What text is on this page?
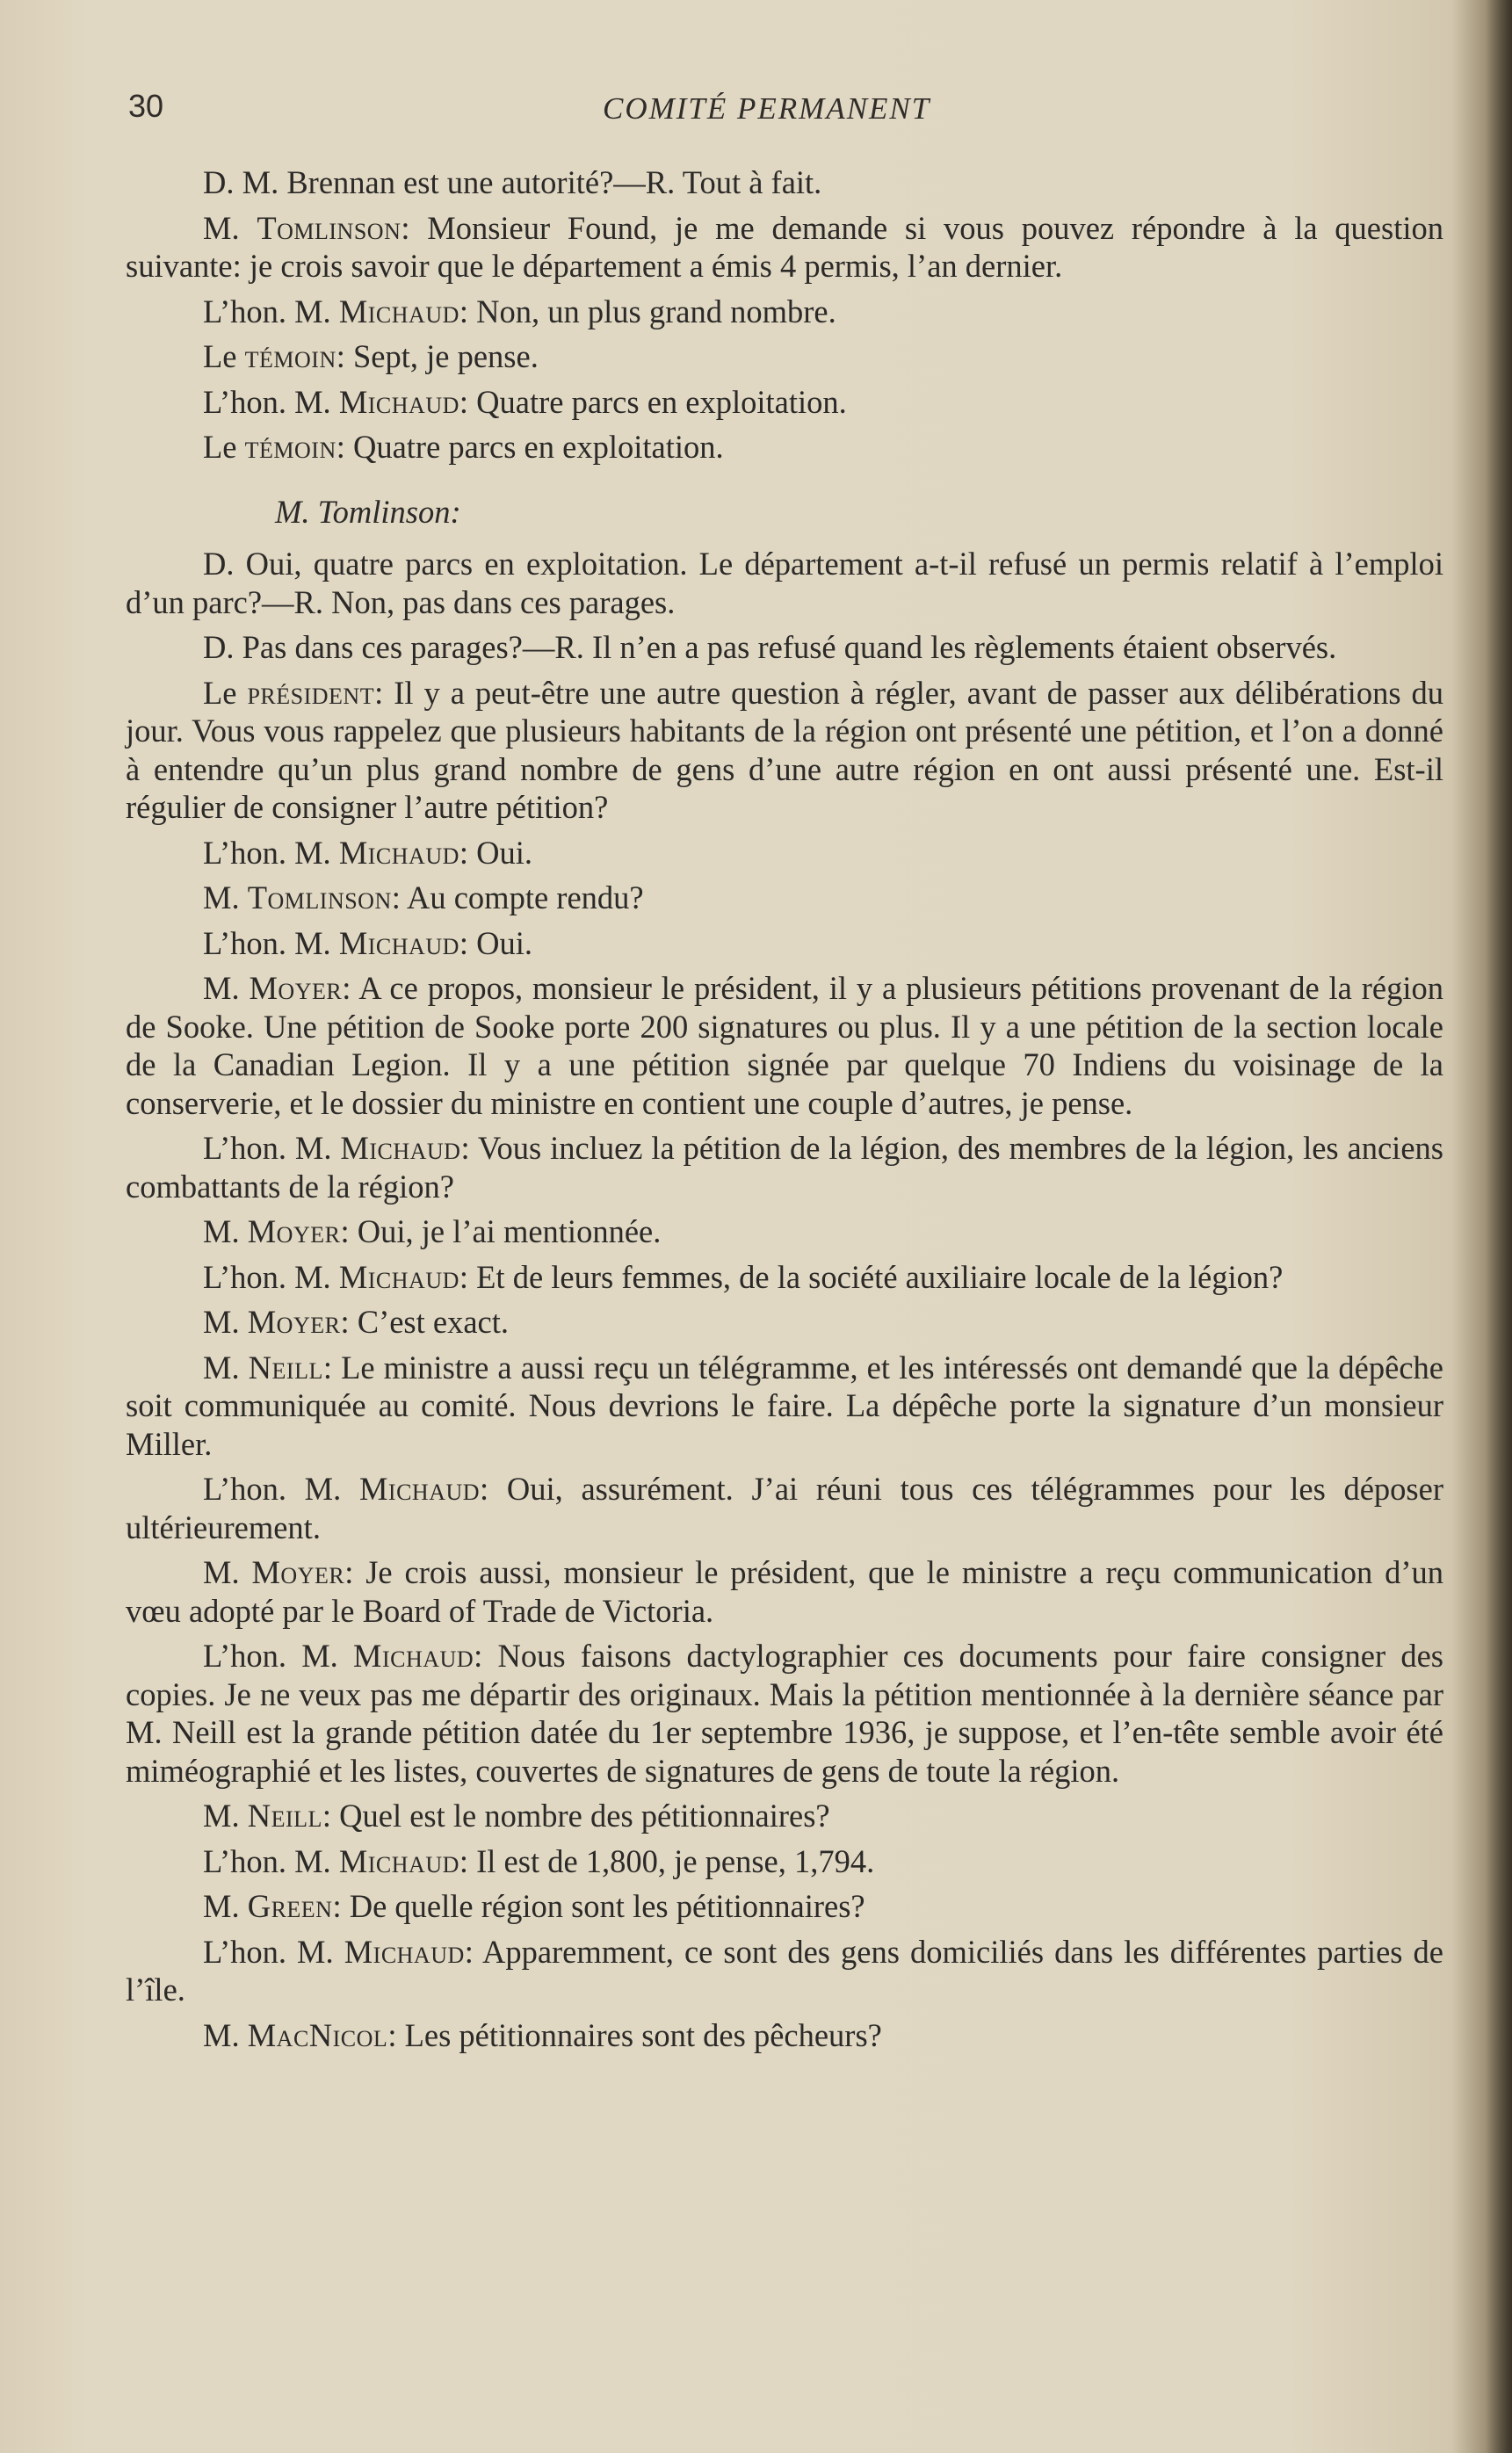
30	COMITÉ PERMANENT

D. M. Brennan est une autorité?—R. Tout à fait.

M. Tomlinson: Monsieur Found, je me demande si vous pouvez répondre à la question suivante: je crois savoir que le département a émis 4 permis, l’an dernier.

L’hon. M. Michaud: Non, un plus grand nombre.

Le témoin: Sept, je pense.

L’hon. M. Michaud: Quatre parcs en exploitation.

Le témoin: Quatre parcs en exploitation.

M. Tomlinson:

D. Oui, quatre parcs en exploitation. Le département a-t-il refusé un permis relatif à l’emploi d’un parc?—R. Non, pas dans ces parages.

D. Pas dans ces parages?—R. Il n’en a pas refusé quand les règlements étaient observés.

Le président: Il y a peut-être une autre question à régler, avant de passer aux délibérations du jour. Vous vous rappelez que plusieurs habitants de la région ont présenté une pétition, et l’on a donné à entendre qu’un plus grand nombre de gens d’une autre région en ont aussi présenté une. Est-il régulier de consigner l’autre pétition?

L’hon. M. Michaud: Oui.

M. Tomlinson: Au compte rendu?

L’hon. M. Michaud: Oui.

M. Moyer: A ce propos, monsieur le président, il y a plusieurs pétitions provenant de la région de Sooke. Une pétition de Sooke porte 200 signatures ou plus. Il y a une pétition de la section locale de la Canadian Legion. Il y a une pétition signée par quelque 70 Indiens du voisinage de la conserverie, et le dossier du ministre en contient une couple d’autres, je pense.

L’hon. M. Michaud: Vous incluez la pétition de la légion, des membres de la légion, les anciens combattants de la région?

M. Moyer: Oui, je l’ai mentionnée.

L’hon. M. Michaud: Et de leurs femmes, de la société auxiliaire locale de la légion?

M. Moyer: C’est exact.

M. Neill: Le ministre a aussi reçu un télégramme, et les intéressés ont demandé que la dépêche soit communiquée au comité. Nous devrions le faire. La dépêche porte la signature d’un monsieur Miller.

L’hon. M. Michaud: Oui, assurément. J’ai réuni tous ces télégrammes pour les déposer ultérieurement.

M. Moyer: Je crois aussi, monsieur le président, que le ministre a reçu communication d’un vœu adopté par le Board of Trade de Victoria.

L’hon. M. Michaud: Nous faisons dactylographier ces documents pour faire consigner des copies. Je ne veux pas me départir des originaux. Mais la pétition mentionnée à la dernière séance par M. Neill est la grande pétition datée du 1er septembre 1936, je suppose, et l’en-tête semble avoir été miméographié et les listes, couvertes de signatures de gens de toute la région.

M. Neill: Quel est le nombre des pétitionnaires?

L’hon. M. Michaud: Il est de 1,800, je pense, 1,794.

M. Green: De quelle région sont les pétitionnaires?

L’hon. M. Michaud: Apparemment, ce sont des gens domiciliés dans les différentes parties de l’île.

M. MacNicol: Les pétitionnaires sont des pêcheurs?
